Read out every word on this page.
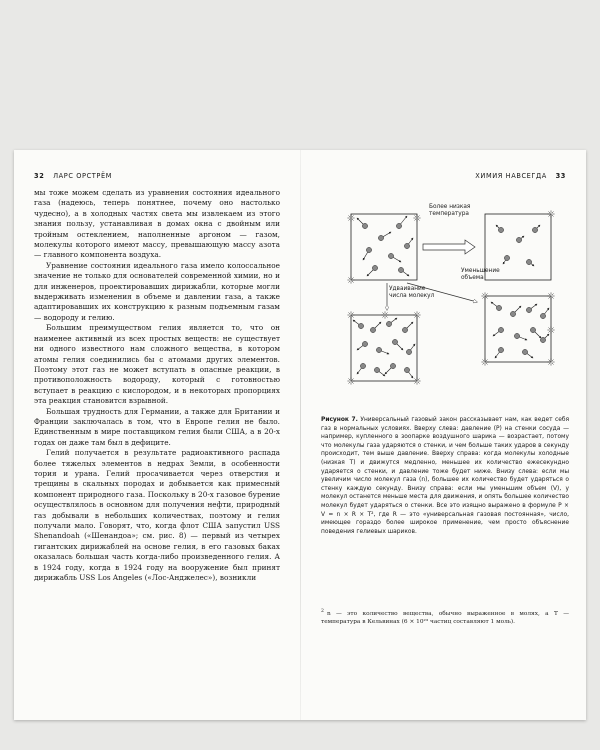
32 ЛАРС ОРСТРЁМ

мы тоже можем сделать из уравнения состояния идеального газа (надеюсь, теперь понятнее, почему оно настолько чудесно), а в холодных частях света мы извлекаем из этого знания пользу, устанавливая в домах окна с двойным или тройным остеклением, наполненные аргоном — газом, молекулы которого имеют массу, превышающую массу азота — главного компонента воздуха.

Уравнение состояния идеального газа имело колоссальное значение не только для основателей современной химии, но и для инженеров, проектировавших дирижабли, которые могли выдерживать изменения в объеме и давлении газа, а также адаптировавших их конструкцию к разным подъемным газам — водороду и гелию.

Большим преимуществом гелия является то, что он наименее активный из всех простых веществ: не существует ни одного известного нам сложного вещества, в котором атомы гелия соединились бы с атомами других элементов. Поэтому этот газ не может вступать в опасные реакции, в противоположность водороду, который с готовностью вступает в реакцию с кислородом, и в некоторых пропорциях эта реакция становится взрывной.

Большая трудность для Германии, а также для Британии и Франции заключалась в том, что в Европе гелия не было. Единственным в мире поставщиком гелия были США, а в 20-х годах он даже там был в дефиците.

Гелий получается в результате радиоактивного распада более тяжелых элементов в недрах Земли, в особенности тория и урана. Гелий просачивается через отверстия и трещины в скальных породах и добывается как примесный компонент природного газа. Поскольку в 20-х газовое бурение осуществлялось в основном для получения нефти, природный газ добывали в небольших количествах, поэтому и гелия получали мало. Говорят, что, когда флот США запустил USS Shenandoah («Шенандоа»; см. рис. 8) — первый из четырех гигантских дирижаблей на основе гелия, в его газовых баках оказалась большая часть когда-либо произведенного гелия. А в 1924 году, когда в 1924 году на вооружение был принят дирижабль USS Los Angeles («Лос-Анджелес»), возникли

ХИМИЯ НАВСЕГДА 33
Более низкая температура
Удваивание числа молекул
Уменьшение объема
Рисунок 7. Универсальный газовый закон рассказывает нам, как ведет себя газ в нормальных условиях. Вверху слева: давление (P) на стенки сосуда — например, купленного в зоопарке воздушного шарика — возрастает, потому что молекулы газа ударяются о стенки, и чем больше таких ударов в секунду происходит, тем выше давление. Вверху справа: когда молекулы холодные (низкая T) и движутся медленно, меньшее их количество ежесекундно ударяется о стенки, и давление тоже будет ниже. Внизу слева: если мы увеличим число молекул газа (n), большее их количество будет ударяться о стенку каждую секунду. Внизу справа: если мы уменьшим объем (V), у молекул останется меньше места для движения, и опять большее количество молекул будет ударяться о стенки. Все это изящно выражено в формуле P × V = n × R × T², где R — это «универсальная газовая постоянная», число, имеющее гораздо более широкое применение, чем просто объяснение поведения гелиевых шариков.
$^2$ n — это количество вещества, обычно выраженное в молях, а T — температура в Кельвинах (6 × 10²³ частиц составляют 1 моль).
